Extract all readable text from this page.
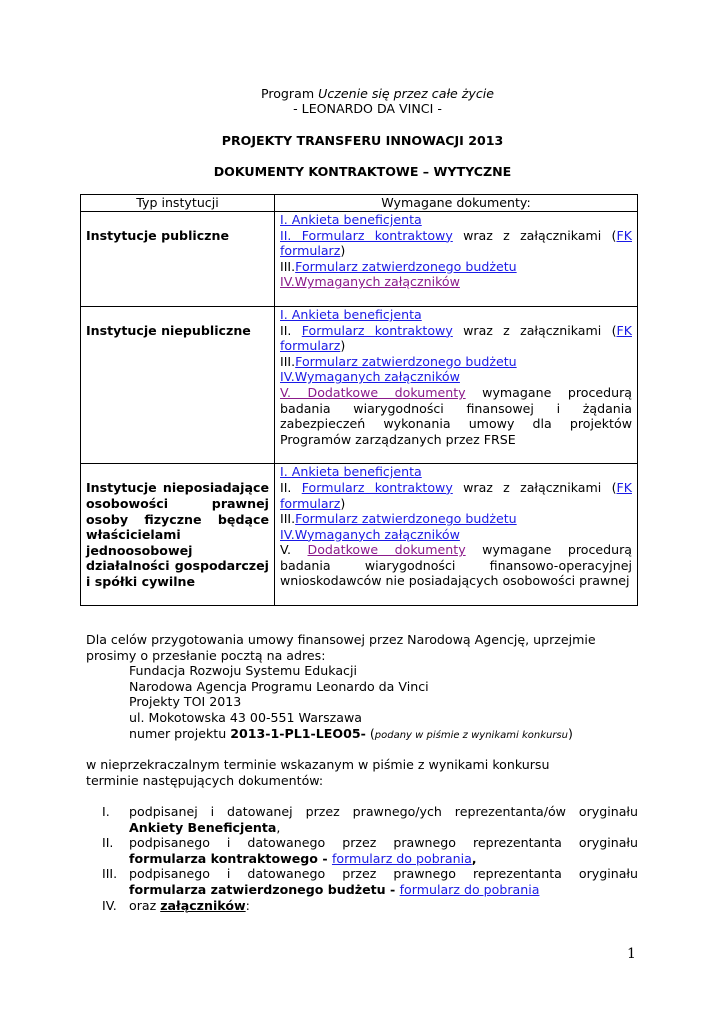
Program Uczenie się przez całe życie
- LEONARDO DA VINCI -
PROJEKTY TRANSFERU INNOWACJI 2013
DOKUMENTY KONTRAKTOWE – WYTYCZNE
Typ instytucji	Wymagane dokumenty:

Instytucje publiczne	I. Ankieta beneficjenta
II. Formularz kontraktowy wraz z załącznikami (FK formularz)
III.Formularz zatwierdzonego budżetu
IV.Wymaganych załączników

Instytucje niepubliczne	I. Ankieta beneficjenta
II. Formularz kontraktowy wraz z załącznikami (FK formularz)
III.Formularz zatwierdzonego budżetu
IV.Wymaganych załączników
V. Dodatkowe dokumenty wymagane procedurą badania wiarygodności finansowej i żądania zabezpieczeń wykonania umowy dla projektów Programów zarządzanych przez FRSE

Instytucje nieposiadające osobowości prawnej osoby fizyczne będące właścicielami jednoosobowej działalności gospodarczej i spółki cywilne	I. Ankieta beneficjenta
II. Formularz kontraktowy wraz z załącznikami (FK formularz)
III.Formularz zatwierdzonego budżetu
IV.Wymaganych załączników
V. Dodatkowe dokumenty wymagane procedurą badania wiarygodności finansowo-operacyjnej wnioskodawców nie posiadających osobowości prawnej
Dla celów przygotowania umowy finansowej przez Narodową Agencję, uprzejmie prosimy o przesłanie pocztą na adres:
Fundacja Rozwoju Systemu Edukacji
Narodowa Agencja Programu Leonardo da Vinci
Projekty TOI 2013
ul. Mokotowska 43 00-551 Warszawa
numer projektu 2013-1-PL1-LEO05- (podany w piśmie z wynikami konkursu)
w nieprzekraczalnym terminie wskazanym w piśmie z wynikami konkursu terminie następujących dokumentów:
I. podpisanej i datowanej przez prawnego/ych reprezentanta/ów oryginału Ankiety Beneficjenta,
II. podpisanego i datowanego przez prawnego reprezentanta oryginału formularza kontraktowego - formularz do pobrania,
III. podpisanego i datowanego przez prawnego reprezentanta oryginału formularza zatwierdzonego budżetu - formularz do pobrania
IV. oraz załączników:
1
